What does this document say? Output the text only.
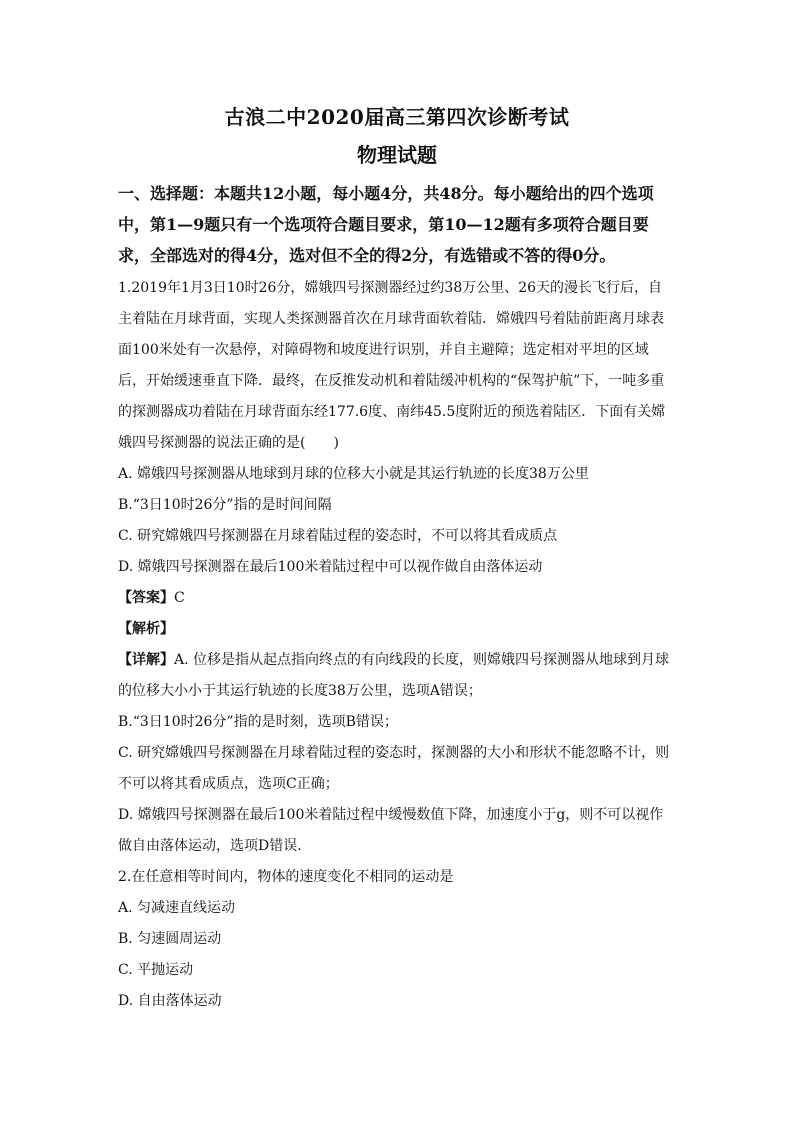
古浪二中2020届高三第四次诊断考试
物理试题
一、选择题：本题共12小题，每小题4分，共48分。每小题给出的四个选项中，第1—9题只有一个选项符合题目要求，第10—12题有多项符合题目要求，全部选对的得4分，选对但不全的得2分，有选错或不答的得0分。

1.2019年1月3日10时26分，嫦娥四号探测器经过约38万公里、26天的漫长飞行后，自主着陆在月球背面，实现人类探测器首次在月球背面软着陆．嫦娥四号着陆前距离月球表面100米处有一次悬停，对障碍物和坡度进行识别，并自主避障；选定相对平坦的区域后，开始缓速垂直下降．最终，在反推发动机和着陆缓冲机构的“保驾护航”下，一吨多重的探测器成功着陆在月球背面东经177.6度、南纬45.5度附近的预选着陆区．下面有关嫦娥四号探测器的说法正确的是(　　)

A. 嫦娥四号探测器从地球到月球的位移大小就是其运行轨迹的长度38万公里

B.“3日10时26分”指的是时间间隔

C. 研究嫦娥四号探测器在月球着陆过程的姿态时，不可以将其看成质点

D. 嫦娥四号探测器在最后100米着陆过程中可以视作做自由落体运动

【答案】C

【解析】

【详解】A. 位移是指从起点指向终点的有向线段的长度，则嫦娥四号探测器从地球到月球的位移大小小于其运行轨迹的长度38万公里，选项A错误；

B.“3日10时26分”指的是时刻，选项B错误；

C. 研究嫦娥四号探测器在月球着陆过程的姿态时，探测器的大小和形状不能忽略不计，则不可以将其看成质点，选项C正确；

D. 嫦娥四号探测器在最后100米着陆过程中缓慢数值下降，加速度小于g，则不可以视作做自由落体运动，选项D错误．

2.在任意相等时间内，物体的速度变化不相同的运动是

A. 匀减速直线运动

B. 匀速圆周运动

C. 平抛运动

D. 自由落体运动
